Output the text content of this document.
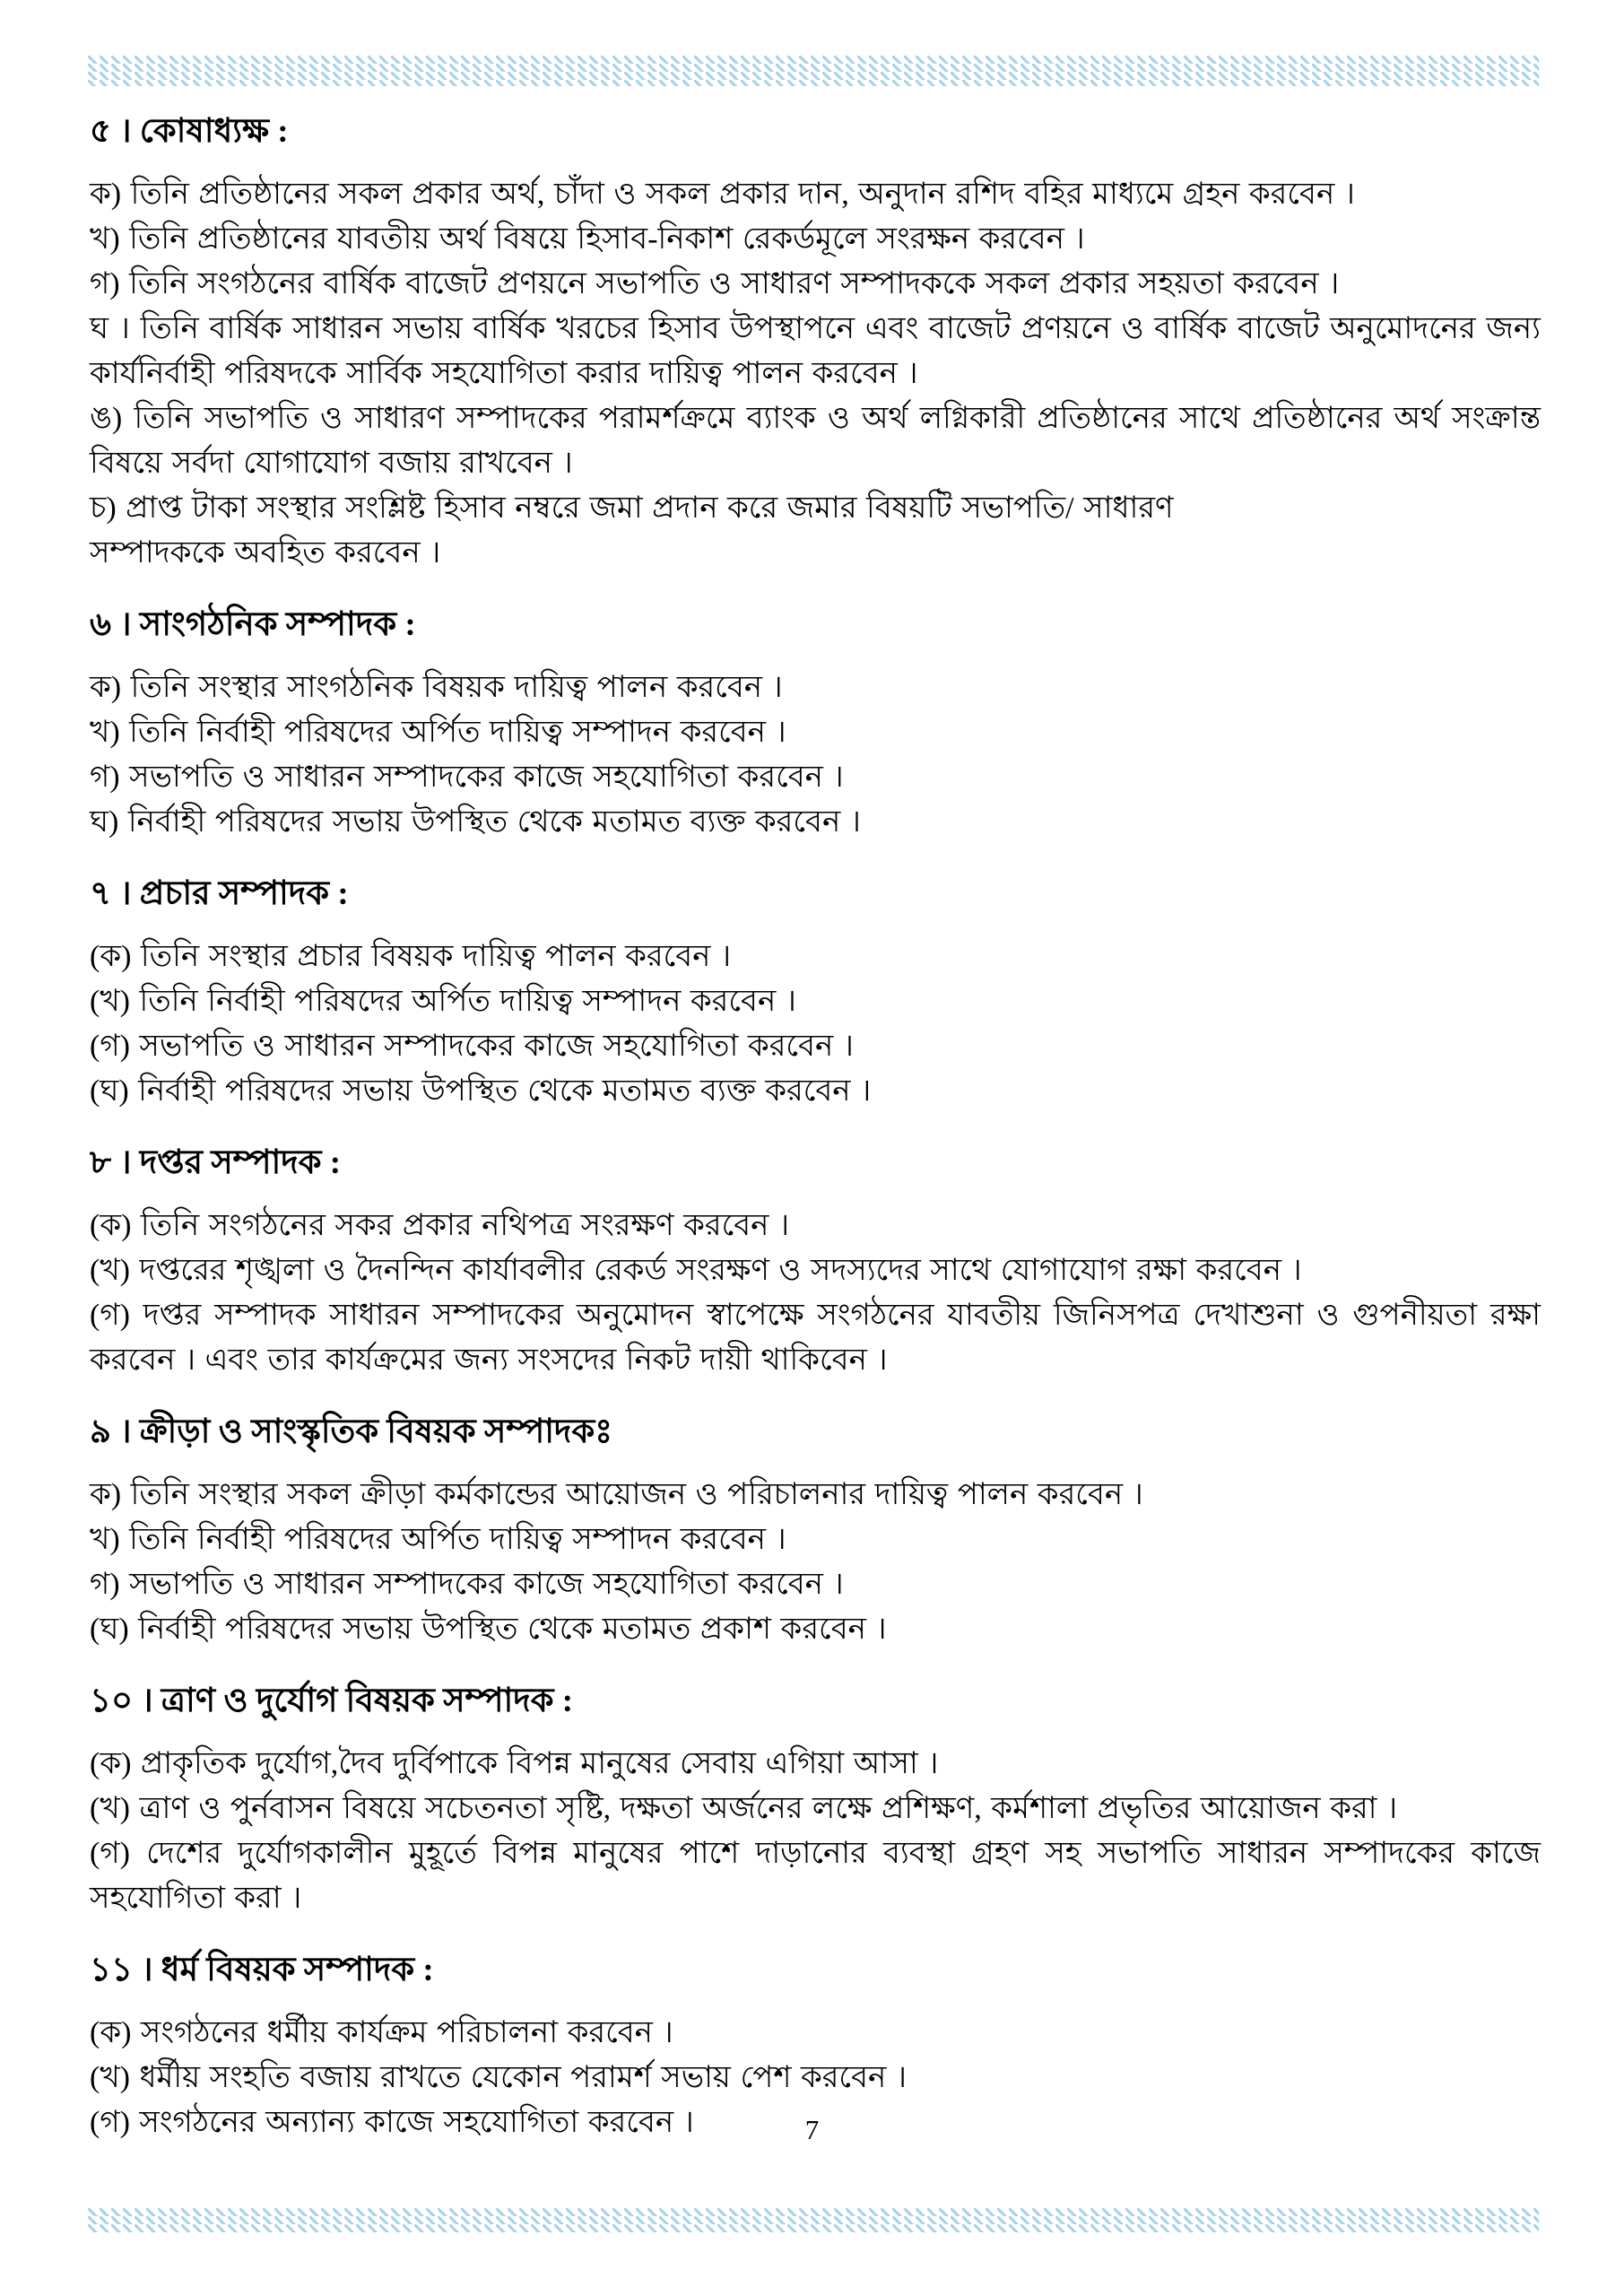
৫ । কোষাধ্যক্ষ :

ক) তিনি প্রতিষ্ঠানের সকল প্রকার অর্থ, চাঁদা ও সকল প্রকার দান, অনুদান রশিদ বহির মাধ্যমে গ্রহন করবেন ।

খ) তিনি প্রতিষ্ঠানের যাবতীয় অর্থ বিষয়ে হিসাব-নিকাশ রেকর্ডমূলে সংরক্ষন করবেন ।

গ) তিনি সংগঠনের বার্ষিক বাজেট প্রণয়নে সভাপতি ও সাধারণ সম্পাদককে সকল প্রকার সহয়তা করবেন ।

ঘ । তিনি বার্ষিক সাধারন সভায় বার্ষিক খরচের হিসাব উপস্থাপনে এবং বাজেট প্রণয়নে ও বার্ষিক বাজেট অনুমোদনের জন্য কার্যনির্বাহী পরিষদকে সার্বিক সহযোগিতা করার দায়িত্ব পালন করবেন ।

ঙ) তিনি সভাপতি ও সাধারণ সম্পাদকের পরামর্শক্রমে ব্যাংক ও অর্থ লগ্নিকারী প্রতিষ্ঠানের সাথে প্রতিষ্ঠানের অর্থ সংক্রান্ত বিষয়ে সর্বদা যোগাযোগ বজায় রাখবেন ।

চ) প্রাপ্ত টাকা সংস্থার সংশ্লিষ্ট হিসাব নম্বরে জমা প্রদান করে জমার বিষয়টি সভাপতি/ সাধারণ

সম্পাদককে অবহিত করবেন ।

৬ । সাংগঠনিক সম্পাদক :

ক) তিনি সংস্থার সাংগঠনিক বিষয়ক দায়িত্ব পালন করবেন ।

খ) তিনি নির্বাহী পরিষদের অর্পিত দায়িত্ব সম্পাদন করবেন ।

গ) সভাপতি ও সাধারন সম্পাদকের কাজে সহযোগিতা করবেন ।

ঘ) নির্বাহী পরিষদের সভায় উপস্থিত থেকে মতামত ব্যক্ত করবেন ।

৭ । প্রচার সম্পাদক :

(ক) তিনি সংস্থার প্রচার বিষয়ক দায়িত্ব পালন করবেন ।

(খ) তিনি নির্বাহী পরিষদের অর্পিত দায়িত্ব সম্পাদন করবেন ।

(গ) সভাপতি ও সাধারন সম্পাদকের কাজে সহযোগিতা করবেন ।

(ঘ) নির্বাহী পরিষদের সভায় উপস্থিত থেকে মতামত ব্যক্ত করবেন ।

৮ । দপ্তর সম্পাদক :

(ক) তিনি সংগঠনের সকর প্রকার নথিপত্র সংরক্ষণ করবেন ।

(খ) দপ্তরের শৃঙ্খলা ও দৈনন্দিন কার্যাবলীর রেকর্ড সংরক্ষণ ও সদস্যদের সাথে যোগাযোগ রক্ষা করবেন ।

(গ) দপ্তর সম্পাদক সাধারন সম্পাদকের অনুমোদন স্বাপেক্ষে সংগঠনের যাবতীয় জিনিসপত্র দেখাশুনা ও গুপনীয়তা রক্ষা করবেন । এবং তার কার্যক্রমের জন্য সংসদের নিকট দায়ী থাকিবেন ।

৯ । ক্রীড়া ও সাংস্কৃতিক বিষয়ক সম্পাদকঃ

ক) তিনি সংস্থার সকল ক্রীড়া কর্মকান্ডের আয়োজন ও পরিচালনার দায়িত্ব পালন করবেন ।

খ) তিনি নির্বাহী পরিষদের অর্পিত দায়িত্ব সম্পাদন করবেন ।

গ) সভাপতি ও সাধারন সম্পাদকের কাজে সহযোগিতা করবেন ।

(ঘ) নির্বাহী পরিষদের সভায় উপস্থিত থেকে মতামত প্রকাশ করবেন ।

১০ । ত্রাণ ও দুর্যোগ বিষয়ক সম্পাদক :

(ক) প্রাকৃতিক দুর্যোগ,দৈব দুর্বিপাকে বিপন্ন মানুষের সেবায় এগিয়া আসা ।

(খ) ত্রাণ ও পুর্নবাসন বিষয়ে সচেতনতা সৃষ্টি, দক্ষতা অর্জনের লক্ষে প্রশিক্ষণ, কর্মশালা প্রভৃতির আয়োজন করা ।

(গ) দেশের দুর্যোগকালীন মুহূর্তে বিপন্ন মানুষের পাশে দাড়ানোর ব্যবস্থা গ্রহণ সহ সভাপতি সাধারন সম্পাদকের কাজে সহযোগিতা করা ।

১১ । ধর্ম বিষয়ক সম্পাদক :

(ক) সংগঠনের ধর্মীয় কার্যক্রম পরিচালনা করবেন ।

(খ) ধর্মীয় সংহতি বজায় রাখতে যেকোন পরামর্শ সভায় পেশ করবেন ।

(গ) সংগঠনের অন্যান্য কাজে সহযোগিতা করবেন ।	7
